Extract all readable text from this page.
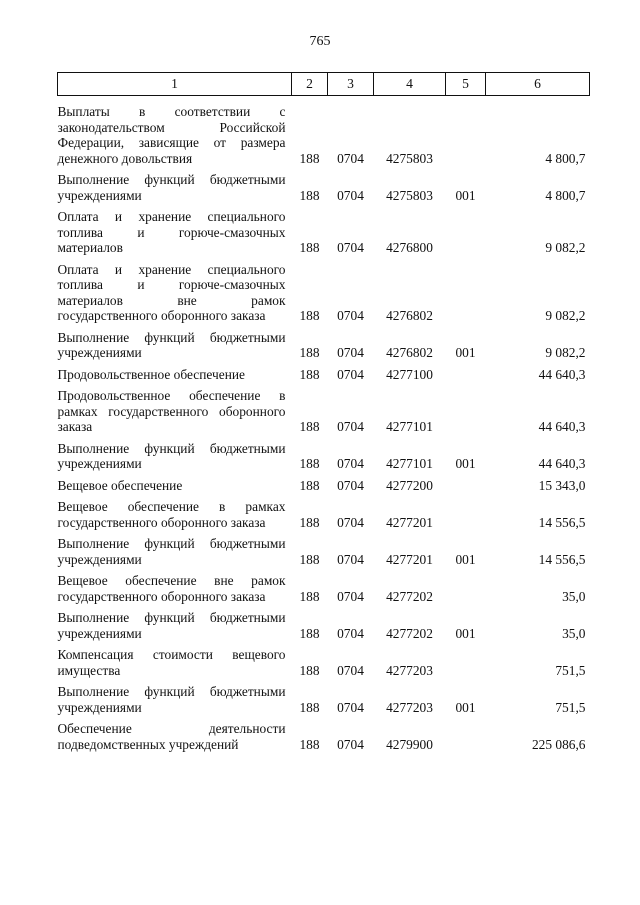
765
1	2	3	4	5	6
Выплаты в соответствии с законодательством Российской Федерации, зависящие от размера денежного довольствия	188	0704	4275803		4 800,7
Выполнение функций бюджетными учреждениями	188	0704	4275803	001	4 800,7
Оплата и хранение специального топлива и горюче-смазочных материалов	188	0704	4276800		9 082,2
Оплата и хранение специального топлива и горюче-смазочных материалов вне рамок государственного оборонного заказа	188	0704	4276802		9 082,2
Выполнение функций бюджетными учреждениями	188	0704	4276802	001	9 082,2
Продовольственное обеспечение	188	0704	4277100		44 640,3
Продовольственное обеспечение в рамках государственного оборонного заказа	188	0704	4277101		44 640,3
Выполнение функций бюджетными учреждениями	188	0704	4277101	001	44 640,3
Вещевое обеспечение	188	0704	4277200		15 343,0
Вещевое обеспечение в рамках государственного оборонного заказа	188	0704	4277201		14 556,5
Выполнение функций бюджетными учреждениями	188	0704	4277201	001	14 556,5
Вещевое обеспечение вне рамок государственного оборонного заказа	188	0704	4277202		35,0
Выполнение функций бюджетными учреждениями	188	0704	4277202	001	35,0
Компенсация стоимости вещевого имущества	188	0704	4277203		751,5
Выполнение функций бюджетными учреждениями	188	0704	4277203	001	751,5
Обеспечение деятельности подведомственных учреждений	188	0704	4279900		225 086,6
